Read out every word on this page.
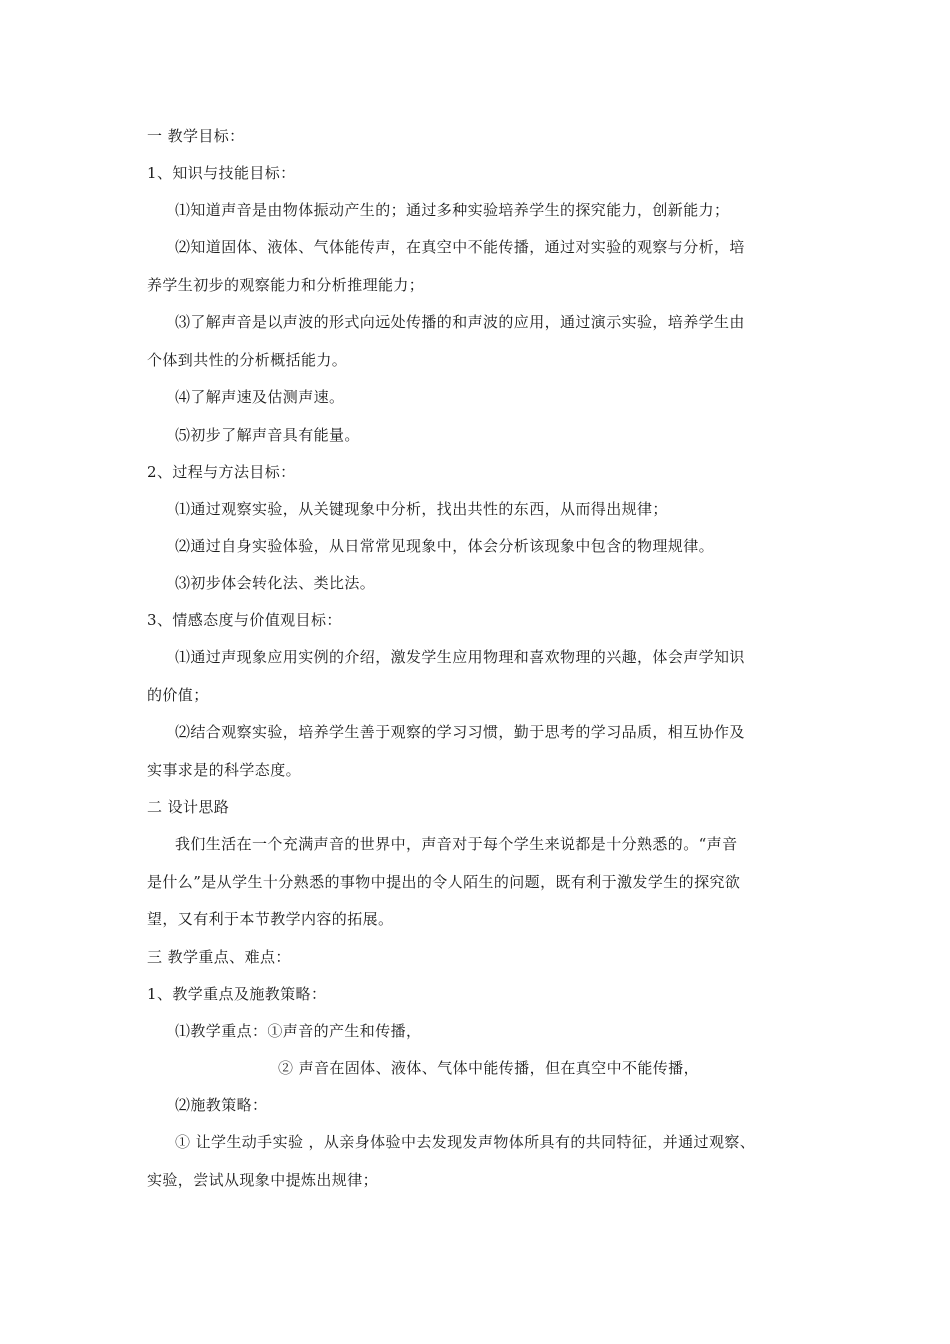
一 教学目标：
1、知识与技能目标：
⑴知道声音是由物体振动产生的；通过多种实验培养学生的探究能力，创新能力；
⑵知道固体、液体、气体能传声，在真空中不能传播，通过对实验的观察与分析，培
养学生初步的观察能力和分析推理能力；
⑶了解声音是以声波的形式向远处传播的和声波的应用，通过演示实验，培养学生由
个体到共性的分析概括能力。
⑷了解声速及估测声速。
⑸初步了解声音具有能量。
2、过程与方法目标：
⑴通过观察实验，从关键现象中分析，找出共性的东西，从而得出规律；
⑵通过自身实验体验，从日常常见现象中，体会分析该现象中包含的物理规律。
⑶初步体会转化法、类比法。
3、情感态度与价值观目标：
⑴通过声现象应用实例的介绍，激发学生应用物理和喜欢物理的兴趣，体会声学知识
的价值；
⑵结合观察实验，培养学生善于观察的学习习惯，勤于思考的学习品质，相互协作及
实事求是的科学态度。
二 设计思路
我们生活在一个充满声音的世界中，声音对于每个学生来说都是十分熟悉的。“声音
是什么”是从学生十分熟悉的事物中提出的令人陌生的问题，既有利于激发学生的探究欲
望，又有利于本节教学内容的拓展。
三 教学重点、难点：
1、教学重点及施教策略：
⑴教学重点：①声音的产生和传播，
② 声音在固体、液体、气体中能传播，但在真空中不能传播，
⑵施教策略：
① 让学生动手实验 ，从亲身体验中去发现发声物体所具有的共同特征，并通过观察、
实验，尝试从现象中提炼出规律；
